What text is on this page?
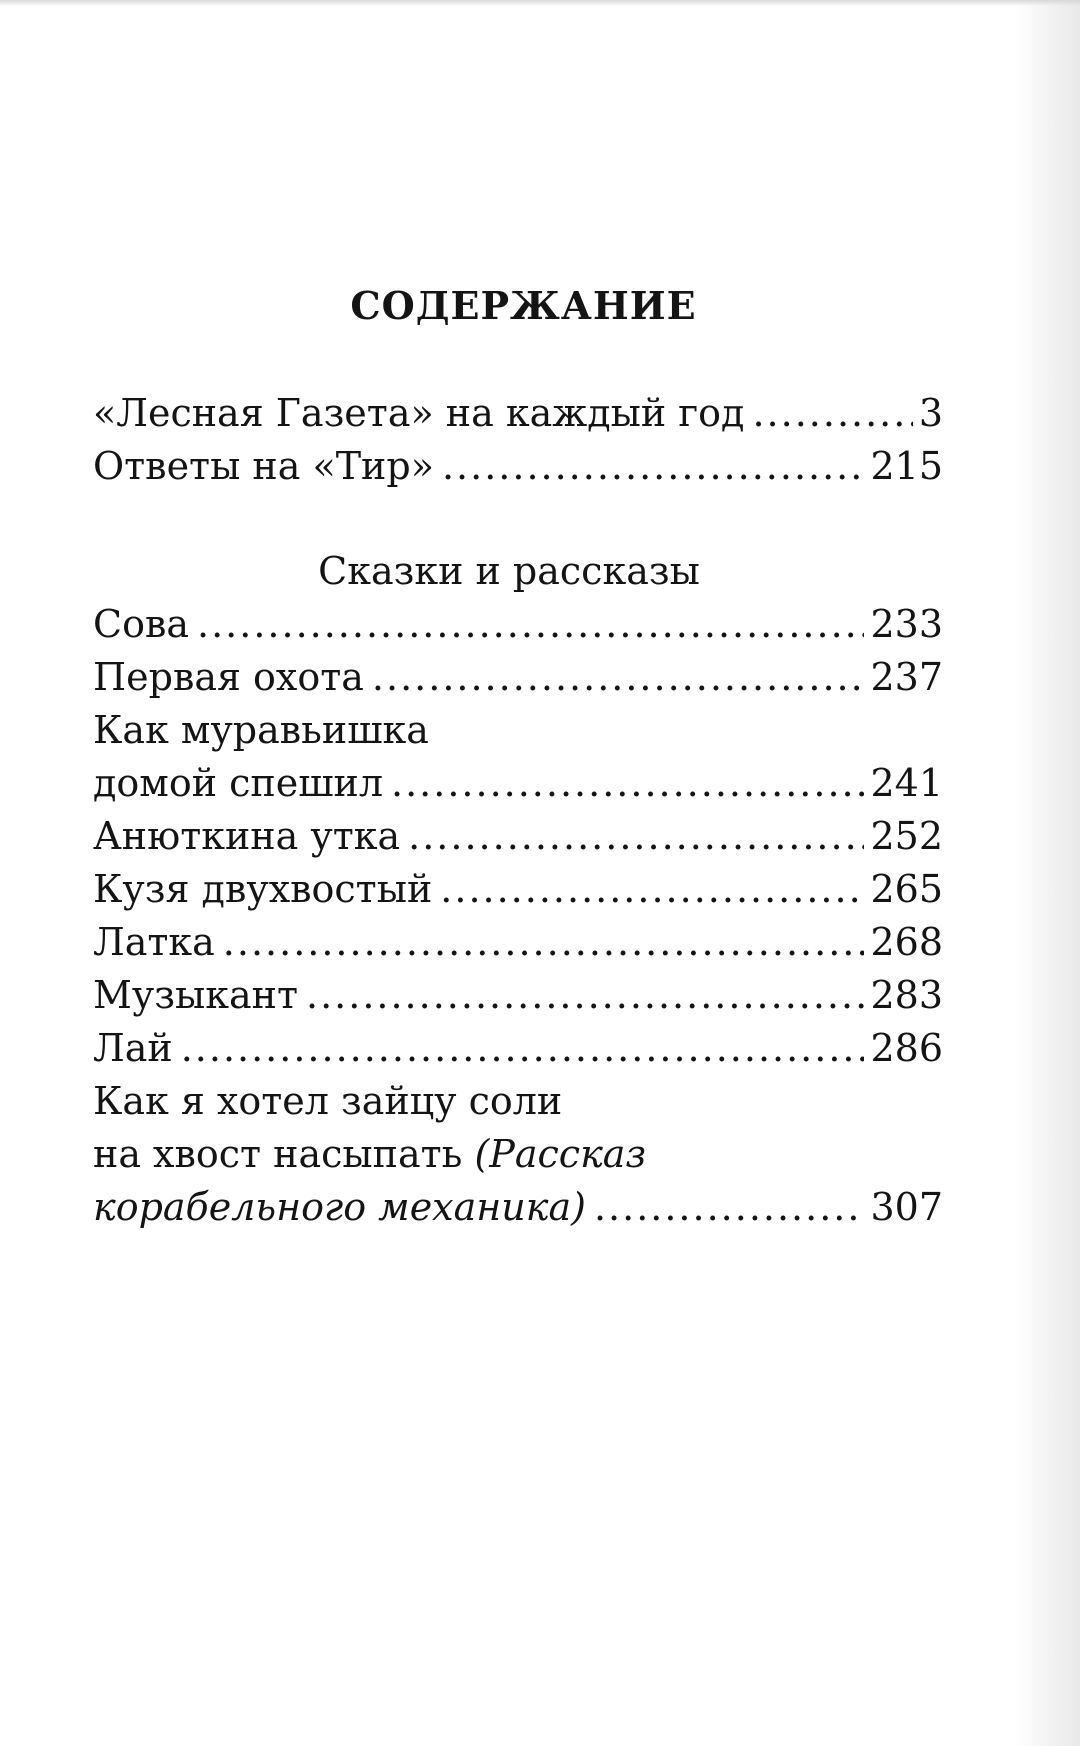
СОДЕРЖАНИЕ
«Лесная Газета» на каждый год .....	3
Ответы на «Тир» .....	215
Сказки и рассказы
Сова .....	233
Первая охота .....	237
Как муравьишка
домой спешил .....	241
Анюткина утка .....	252
Кузя двухвостый .....	265
Латка .....	268
Музыкант .....	283
Лай .....	286
Как я хотел зайцу соли
на хвост насыпать (Рассказ
корабельного механика) .....	307
